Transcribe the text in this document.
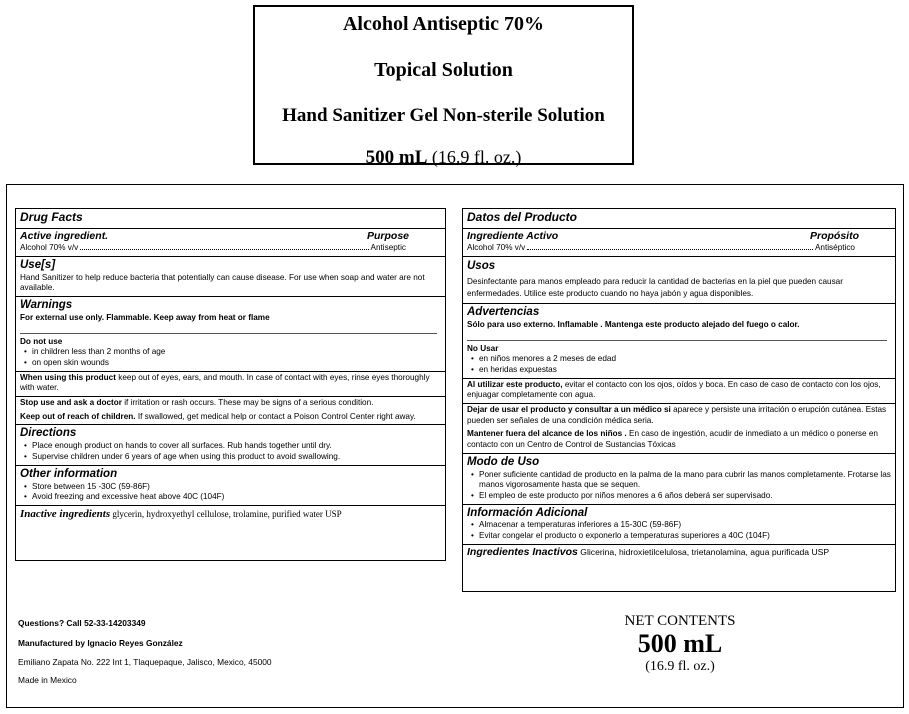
Alcohol Antiseptic 70%
Topical Solution
Hand Sanitizer Gel Non-sterile Solution
500 mL (16.9 fl. oz.)
Drug Facts
Active ingredient.	Purpose
Alcohol 70% v/v	Antiseptic
Use[s]
Hand Sanitizer to help reduce bacteria that potentially can cause disease. For use when soap and water are not available.
Warnings
For external use only. Flammable. Keep away from heat or flame
Do not use
• in children less than 2 months of age
• on open skin wounds
When using this product keep out of eyes, ears, and mouth. In case of contact with eyes, rinse eyes thoroughly with water.
Stop use and ask a doctor if irritation or rash occurs. These may be signs of a serious condition.
Keep out of reach of children. If swallowed, get medical help or contact a Poison Control Center right away.
Directions
• Place enough product on hands to cover all surfaces. Rub hands together until dry.
• Supervise children under 6 years of age when using this product to avoid swallowing.
Other information
• Store between 15 -30C (59-86F)
• Avoid freezing and excessive heat above 40C (104F)
Inactive ingredients glycerin, hydroxyethyl cellulose, trolamine, purified water USP
Datos del Producto
Ingrediente Activo	Propósito
Alcohol 70% v/v	Antiséptico
Usos
Desinfectante para manos empleado para reducir la cantidad de bacterias en la piel que pueden causar enfermedades. Utilice este producto cuando no haya jabón y agua disponibles.
Advertencias
Sólo para uso externo. Inflamable . Mantenga este producto alejado del fuego o calor.
No Usar
• en niños menores a 2 meses de edad
• en heridas expuestas
Al utilizar este producto, evitar el contacto con los ojos, oídos y boca. En caso de caso de contacto con los ojos, enjuagar completamente con agua.
Dejar de usar el producto y consultar a un médico si aparece y persiste una irritación o erupción cutánea. Estas pueden ser señales de una condición médica seria.
Mantener fuera del alcance de los niños . En caso de ingestión, acudir de inmediato a un médico o ponerse en contacto con un Centro de Control de Sustancias Tóxicas
Modo de Uso
• Poner suficiente cantidad de producto en la palma de la mano para cubrir las manos completamente. Frotarse las manos vigorosamente hasta que se sequen.
• El empleo de este producto por niños menores a 6 años deberá ser supervisado.
Información Adicional
• Almacenar a temperaturas inferiores a 15-30C (59-86F)
• Evitar congelar el producto o exponerlo a temperaturas superiores a 40C (104F)
Ingredientes Inactivos Glicerina, hidroxietilcelulosa, trietanolamina, agua purificada USP
Questions? Call 52-33-14203349
Manufactured by Ignacio Reyes González
Emiliano Zapata No. 222 Int 1, Tlaquepaque, Jalisco, Mexico, 45000
Made in Mexico
NET CONTENTS
500 mL
(16.9 fl. oz.)
